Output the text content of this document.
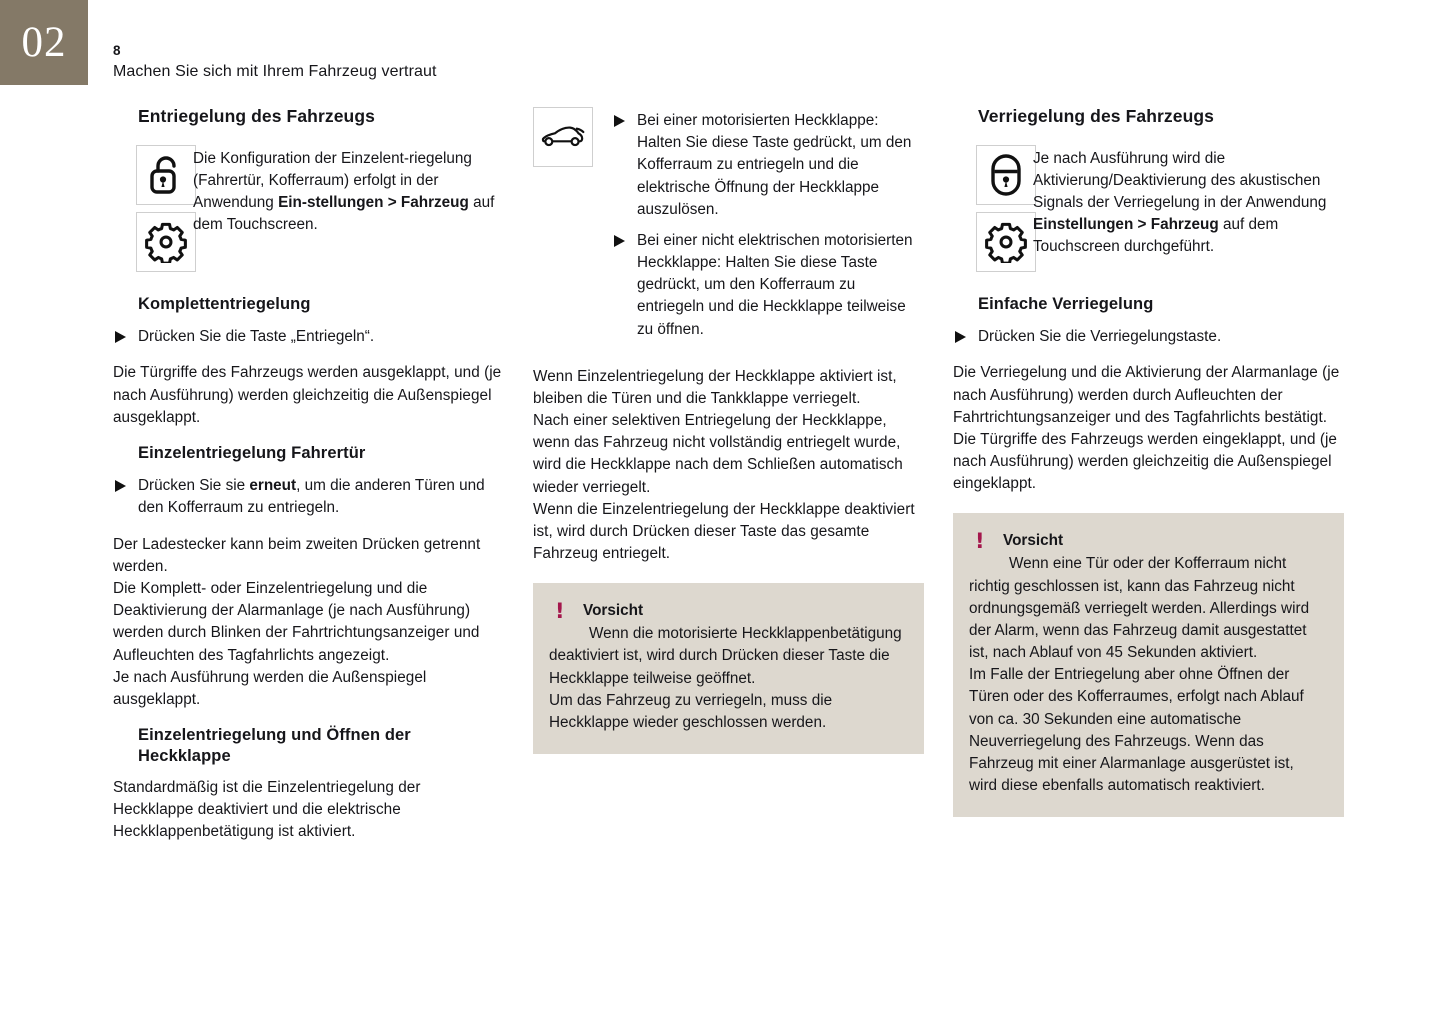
02	8
Machen Sie sich mit Ihrem Fahrzeug vertraut
Entriegelung des Fahrzeugs
Die Konfiguration der Einzelent-riegelung (Fahrertür, Kofferraum) erfolgt in der Anwendung Ein-stellungen > Fahrzeug auf dem Touchscreen.
Komplettentriegelung
Drücken Sie die Taste „Entriegeln“.

Die Türgriffe des Fahrzeugs werden ausgeklappt, und (je nach Ausführung) werden gleichzeitig die Außenspiegel ausgeklappt.

Einzelentriegelung Fahrertür
Drücken Sie sie erneut, um die anderen Türen und den Kofferraum zu entriegeln.

Der Ladestecker kann beim zweiten Drücken getrennt werden.

Die Komplett- oder Einzelentriegelung und die Deaktivierung der Alarmanlage (je nach Ausführung) werden durch Blinken der Fahrtrichtungsanzeiger und Aufleuchten des Tagfahrlichts angezeigt.

Je nach Ausführung werden die Außenspiegel ausgeklappt.

Einzelentriegelung und Öffnen der Heckklappe

Standardmäßig ist die Einzelentriegelung der Heckklappe deaktiviert und die elektrische Heckklappenbetätigung ist aktiviert.

Bei einer motorisierten Heckklappe: Halten Sie diese Taste gedrückt, um den Kofferraum zu entriegeln und die elektrische Öffnung der Heckklappe auszulösen.
Bei einer nicht elektrischen motorisierten Heckklappe: Halten Sie diese Taste gedrückt, um den Kofferraum zu entriegeln und die Heckklappe teilweise zu öffnen.

Wenn Einzelentriegelung der Heckklappe aktiviert ist, bleiben die Türen und die Tankklappe verriegelt.

Nach einer selektiven Entriegelung der Heckklappe, wenn das Fahrzeug nicht vollständig entriegelt wurde, wird die Heckklappe nach dem Schließen automatisch wieder verriegelt.

Wenn die Einzelentriegelung der Heckklappe deaktiviert ist, wird durch Drücken dieser Taste das gesamte Fahrzeug entriegelt.

!	Vorsicht

Wenn die motorisierte Heckklappenbetätigung deaktiviert ist, wird durch Drücken dieser Taste die Heckklappe teilweise geöffnet.

Um das Fahrzeug zu verriegeln, muss die Heckklappe wieder geschlossen werden.

Verriegelung des Fahrzeugs
Je nach Ausführung wird die Aktivierung/Deaktivierung des akustischen Signals der Verriegelung in der Anwendung Einstellungen > Fahrzeug auf dem Touchscreen durchgeführt.
Einfache Verriegelung
Drücken Sie die Verriegelungstaste.

Die Verriegelung und die Aktivierung der Alarmanlage (je nach Ausführung) werden durch Aufleuchten der Fahrtrichtungsanzeiger und des Tagfahrlichts bestätigt.

Die Türgriffe des Fahrzeugs werden eingeklappt, und (je nach Ausführung) werden gleichzeitig die Außenspiegel eingeklappt.

!	Vorsicht

Wenn eine Tür oder der Kofferraum nicht richtig geschlossen ist, kann das Fahrzeug nicht ordnungsgemäß verriegelt werden. Allerdings wird der Alarm, wenn das Fahrzeug damit ausgestattet ist, nach Ablauf von 45 Sekunden aktiviert.

Im Falle der Entriegelung aber ohne Öffnen der Türen oder des Kofferraumes, erfolgt nach Ablauf von ca. 30 Sekunden eine automatische Neuverriegelung des Fahrzeugs. Wenn das Fahrzeug mit einer Alarmanlage ausgerüstet ist, wird diese ebenfalls automatisch reaktiviert.
